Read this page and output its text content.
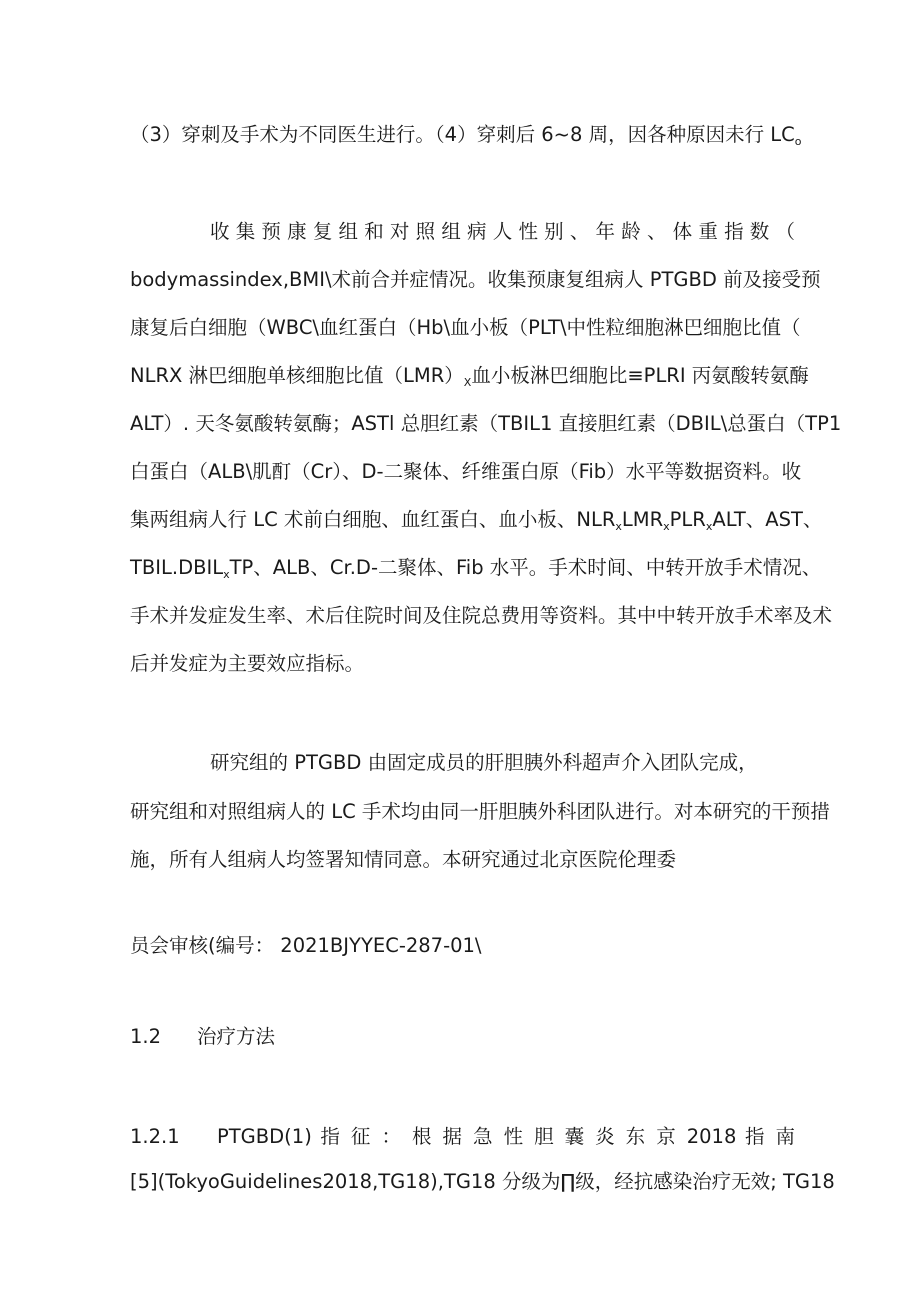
（3）穿刺及手术为不同医生进行。（4）穿刺后 6~8 周，因各种原因未行 $LC_o$
收集预康复组和对照组病人性别、年龄、体重指数（
bodymassindex,BMI\术前合并症情况。收集预康复组病人 PTGBD 前及接受预
康复后白细胞（WBC\血红蛋白（Hb\血小板（PLT\中性粒细胞淋巴细胞比值（
NLRX 淋巴细胞单核细胞比值$(LMR)_X$血小板淋巴细胞比≡PLRI 丙氨酸转氨酶
ALT）. 天冬氨酸转氨酶；ASTl 总胆红素（TBIL1 直接胆红素（DBIL\总蛋白（TP1
白蛋白（ALB\肌酊（Cr）、D-二聚体、纤维蛋白原（Fib）水平等数据资料。收
集两组病人行 LC 术前白细胞、血红蛋白、血小板、$NLR_xLMR_xPLR_xALT$、AST、
$TBIL.DBIL_xTP$、ALB、Cr.D-二聚体、Fib 水平。手术时间、中转开放手术情况、
手术并发症发生率、术后住院时间及住院总费用等资料。其中中转开放手术率及术
后并发症为主要效应指标。
研究组的 PTGBD 由固定成员的肝胆胰外科超声介入团队完成，
研究组和对照组病人的 LC 手术均由同一肝胆胰外科团队进行。对本研究的干预措
施，所有人组病人均签署知情同意。本研究通过北京医院伦理委
员会审核(编号： 2021BJYYEC-287-01\
1.2 治疗方法
1.2.1 PTGBD(1) 指 征 ： 根 据 急 性 胆 囊 炎 东 京 2018 指 南
[5](TokyoGuidelines2018,TG18),TG18 分级为∏级，经抗感染治疗无效; TG18
